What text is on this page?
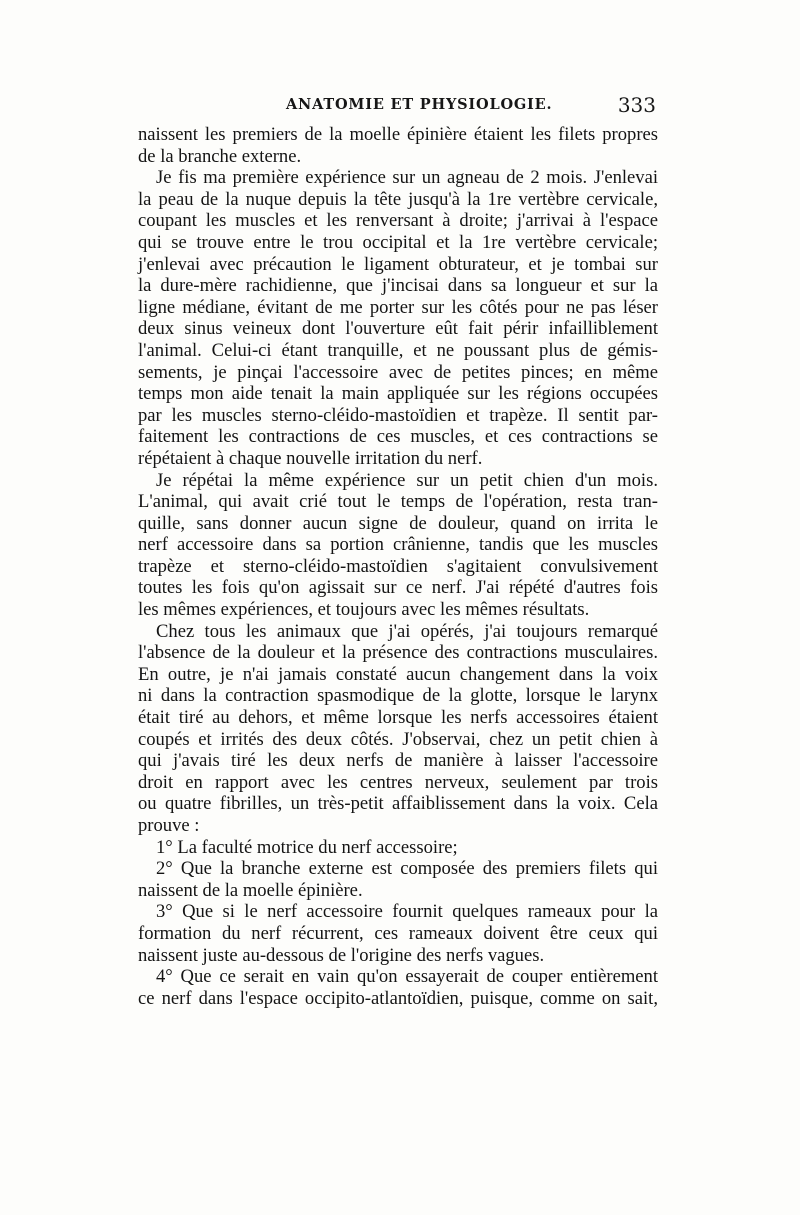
ANATOMIE ET PHYSIOLOGIE.	333

naissent les premiers de la moelle épinière étaient les filets propres
de la branche externe.

Je fis ma première expérience sur un agneau de 2 mois. J'enlevai
la peau de la nuque depuis la tête jusqu'à la 1re vertèbre cervicale,
coupant les muscles et les renversant à droite; j'arrivai à l'espace
qui se trouve entre le trou occipital et la 1re vertèbre cervicale;
j'enlevai avec précaution le ligament obturateur, et je tombai sur
la dure-mère rachidienne, que j'incisai dans sa longueur et sur la
ligne médiane, évitant de me porter sur les côtés pour ne pas léser
deux sinus veineux dont l'ouverture eût fait périr infailliblement
l'animal. Celui-ci étant tranquille, et ne poussant plus de gémis-
sements, je pinçai l'accessoire avec de petites pinces; en même
temps mon aide tenait la main appliquée sur les régions occupées
par les muscles sterno-cléido-mastoïdien et trapèze. Il sentit par-
faitement les contractions de ces muscles, et ces contractions se
répétaient à chaque nouvelle irritation du nerf.

Je répétai la même expérience sur un petit chien d'un mois.
L'animal, qui avait crié tout le temps de l'opération, resta tran-
quille, sans donner aucun signe de douleur, quand on irrita le
nerf accessoire dans sa portion crânienne, tandis que les muscles
trapèze et sterno-cléido-mastoïdien s'agitaient convulsivement
toutes les fois qu'on agissait sur ce nerf. J'ai répété d'autres fois
les mêmes expériences, et toujours avec les mêmes résultats.

Chez tous les animaux que j'ai opérés, j'ai toujours remarqué
l'absence de la douleur et la présence des contractions musculaires.
En outre, je n'ai jamais constaté aucun changement dans la voix
ni dans la contraction spasmodique de la glotte, lorsque le larynx
était tiré au dehors, et même lorsque les nerfs accessoires étaient
coupés et irrités des deux côtés. J'observai, chez un petit chien à
qui j'avais tiré les deux nerfs de manière à laisser l'accessoire
droit en rapport avec les centres nerveux, seulement par trois
ou quatre fibrilles, un très-petit affaiblissement dans la voix. Cela
prouve :

1° La faculté motrice du nerf accessoire;

2° Que la branche externe est composée des premiers filets qui
naissent de la moelle épinière.

3° Que si le nerf accessoire fournit quelques rameaux pour la
formation du nerf récurrent, ces rameaux doivent être ceux qui
naissent juste au-dessous de l'origine des nerfs vagues.

4° Que ce serait en vain qu'on essayerait de couper entièrement
ce nerf dans l'espace occipito-atlantoïdien, puisque, comme on sait,
